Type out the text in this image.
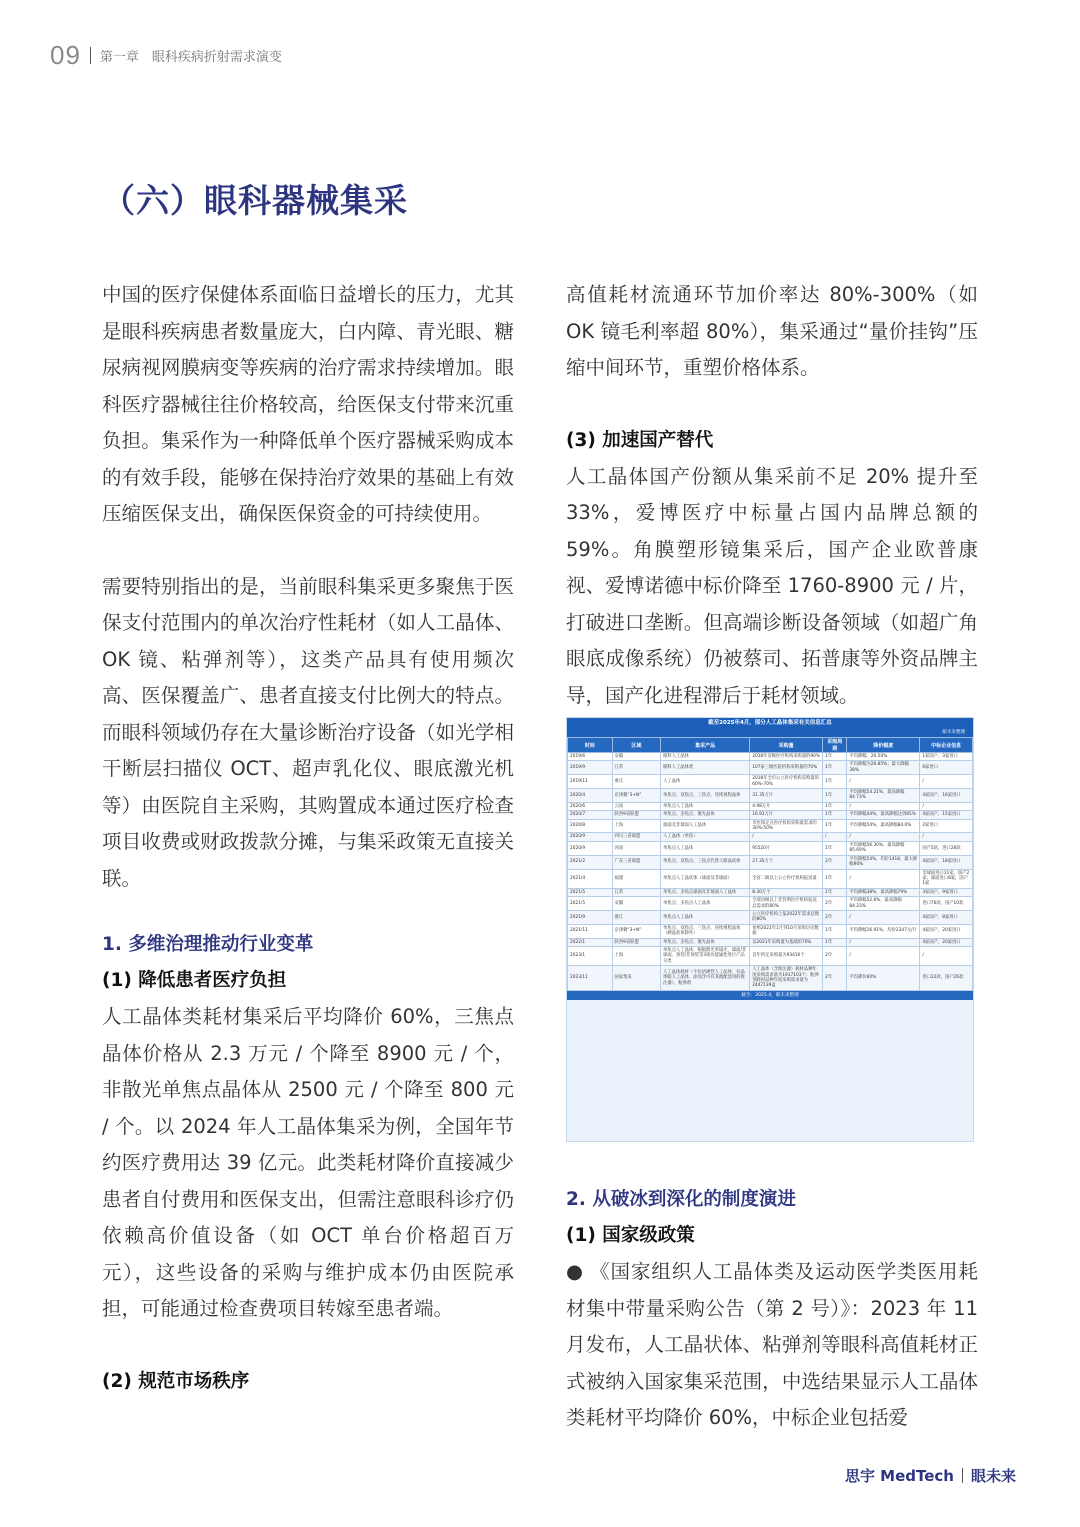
09 第一章　眼科疾病折射需求演变
（六）眼科器械集采

中国的医疗保健体系面临日益增长的压力，尤其是眼科疾病患者数量庞大，白内障、青光眼、糖尿病视网膜病变等疾病的治疗需求持续增加。眼科医疗器械往往价格较高，给医保支付带来沉重负担。集采作为一种降低单个医疗器械采购成本的有效手段，能够在保持治疗效果的基础上有效压缩医保支出，确保医保资金的可持续使用。

需要特别指出的是，当前眼科集采更多聚焦于医保支付范围内的单次治疗性耗材（如人工晶体、OK 镜、粘弹剂等），这类产品具有使用频次高、医保覆盖广、患者直接支付比例大的特点。而眼科领域仍存在大量诊断治疗设备（如光学相干断层扫描仪 OCT、超声乳化仪、眼底激光机等）由医院自主采购，其购置成本通过医疗检查项目收费或财政拨款分摊，与集采政策无直接关联。

1. 多维治理推动行业变革
(1) 降低患者医疗负担

人工晶体类耗材集采后平均降价 60%，三焦点晶体价格从 2.3 万元 / 个降至 8900 元 / 个，非散光单焦点晶体从 2500 元 / 个降至 800 元 / 个。以 2024 年人工晶体集采为例，全国年节约医疗费用达 39 亿元。此类耗材降价直接减少患者自付费用和医保支出，但需注意眼科诊疗仍依赖高价值设备（如 OCT 单台价格超百万元），这些设备的采购与维护成本仍由医院承担，可能通过检查费项目转嫁至患者端。

(2) 规范市场秩序

高值耗材流通环节加价率达 80%-300%（如 OK 镜毛利率超 80%），集采通过“量价挂钩”压缩中间环节，重塑价格体系。

(3) 加速国产替代

人工晶体国产份额从集采前不足 20% 提升至 33%，爱博医疗中标量占国内品牌总额的 59%。角膜塑形镜集采后，国产企业欧普康视、爱博诺德中标价降至 1760-8900 元 / 片，打破进口垄断。但高端诊断设备领域（如超广角眼底成像系统）仍被蔡司、拓普康等外资品牌主导，国产化进程滞后于耗材领域。

截至2025年4月，部分人工晶体集采有关信息汇总
眼未来整理
时间	区域	集采产品	采购量	采购周期	降价幅度	中标企业信息
2019/6	安徽	眼科人工晶体	2018年省级医疗机构采购量的90%	1年	平均降幅：20.50%	1家国产，3家进口
2019/9	江苏	眼科人工晶体类	107家三级医院机构采购量的70%	1年	平均降幅为26.85%；最大降幅38%	6家进口
2019/11	重庆	人工晶体	2018年全市公立医疗机构采购量的60%-70%	1年	/	/
2020/4	京津冀“3+N”	单焦点、双焦点、三焦点、连续视程晶体	31.35万片	1年	平均降幅54.21%，最高降幅84.73%	4家国产，16家进口
2020/6	云南	单焦点人工晶体	4.98万片	1年	/	/
2020/7	陕西9省联盟	单焦点、多焦点、散光晶体	16.91万片	1年	平均降幅44%，最高降幅达到85%	4家国产，15家进口
2020/8	上海	球面及非球面人工晶体	市医保定点医疗机构采购量需求的30%-50%	1年	平均降幅54%，最高降幅84.0%	2家进口
2020/9	四川三省联盟	人工晶体（单焦）	/	/	/	/
2020/9	河南	单焦点人工晶体	95520片	1年	平均降幅56.30%，最高降幅85.69%	国产5款，进口28款
2021/2	广东三省联盟	单焦点、双焦点、三焦点代替人眼晶状体	27.35万个	2年	平均降幅54%，均价1418，最大降幅90%	4家国产，18家进口
2021/4	福建	单焦点人工晶状体（球面及非球面）	全省二级以上公立医疗机构报送量	1年	/	非球面进口11家，国产2家；球面进口8家，国产1家
2021/5	江苏	单焦点、多焦点球面及非球面人工晶体	8.30万个	1年	平均降幅38%，最高降幅79%	3家国产，9家进口
2021/5	安徽	单焦点、多焦点人工晶体	全部县级以上非营利医疗机构报送总需求的80%	2年	平均降幅52.6%，最高降幅84.23%	进口76款，国产10款
2021/9	浙江	单焦点人工晶体	公立医疗机构上报2022年需求总数的80%	2年	/	4家国产，8家进口
2021/11	京津冀“3+N”	单焦点、双焦点、三焦点、连续视程晶体（硬晶状体除外）	参照2021年1月到10月采购历史数据	1年	平均降幅16.91%，均价2347元/片	4家国产，20家进口
2022/1	陕西9省联盟	单焦点、多焦点、散光晶体	以2021年采购量为基础的70%	1年	/	4家国产，20家进口
2023/1	上海	单焦点人工晶体，根据散光率镜光、球面/非球面、预装/非预装等3项功能属性进行产品分类	首年约定采购量为93416个	2年	/	/
2023/11	国家集采	人工晶体耗材（不包括硬性人工晶体、有晶体眼人工晶体、添加含可有其他配套用的推注器）、粘弹剂	人工晶体（含推注器）耗材品种年度采购需求量为1917103个；粘弹剂耗材品种年度采购需求量为2447139盒	2年	平均降价60%	进口22款，国产26款
截至：2025.4，眼未来整理
2. 从破冰到深化的制度演进
(1) 国家级政策

● 《国家组织人工晶体类及运动医学类医用耗材集中带量采购公告（第 2 号）》：2023 年 11 月发布，人工晶状体、粘弹剂等眼科高值耗材正式被纳入国家集采范围，中选结果显示人工晶体类耗材平均降价 60%，中标企业包括爱

思宇 MedTech 眼未来
